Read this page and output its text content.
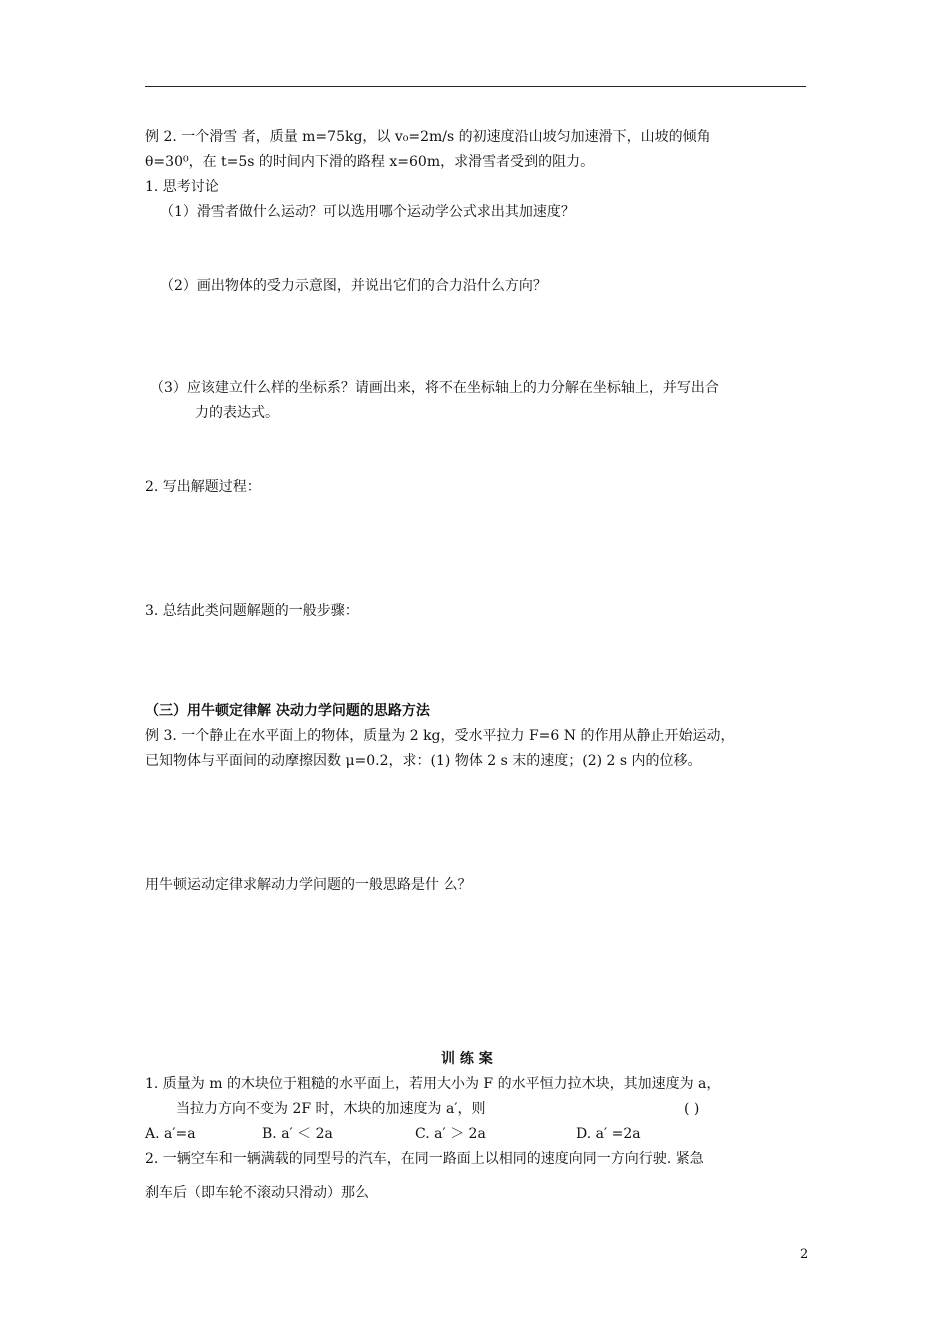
例 2. 一个滑雪 者，质量 m=75kg，以 v₀=2m/s 的初速度沿山坡匀加速滑下，山坡的倾角
θ=30⁰，在 t=5s 的时间内下滑的路程 x=60m，求滑雪者受到的阻力。
1. 思考讨论
（1）滑雪者做什么运动？可以选用哪个运动学公式求出其加速度？
（2）画出物体的受力示意图，并说出它们的合力沿什么方向？
（3）应该建立什么样的坐标系？请画出来，将不在坐标轴上的力分解在坐标轴上，并写出合
力的表达式。
2. 写出解题过程：
3. 总结此类问题解题的一般步骤：
（三）用牛顿定律解 决动力学问题的思路方法
例 3. 一个静止在水平面上的物体，质量为 2 kg，受水平拉力 F=6 N 的作用从静止开始运动，
已知物体与平面间的动摩擦因数 μ=0.2，求：(1) 物体 2 s 末的速度；(2) 2 s 内的位移。
用牛顿运动定律求解动力学问题的一般思路是什 么？
训 练 案
1. 质量为 m 的木块位于粗糙的水平面上，若用大小为 F 的水平恒力拉木块，其加速度为 a，
当拉力方向不变为 2F 时，木块的加速度为 a′，则	( )
A. a′=a	B. a′ ＜ 2a	C. a′ ＞ 2a	D. a′ =2a
2. 一辆空车和一辆满载的同型号的汽车，在同一路面上以相同的速度向同一方向行驶. 紧急
刹车后（即车轮不滚动只滑动）那么
2
